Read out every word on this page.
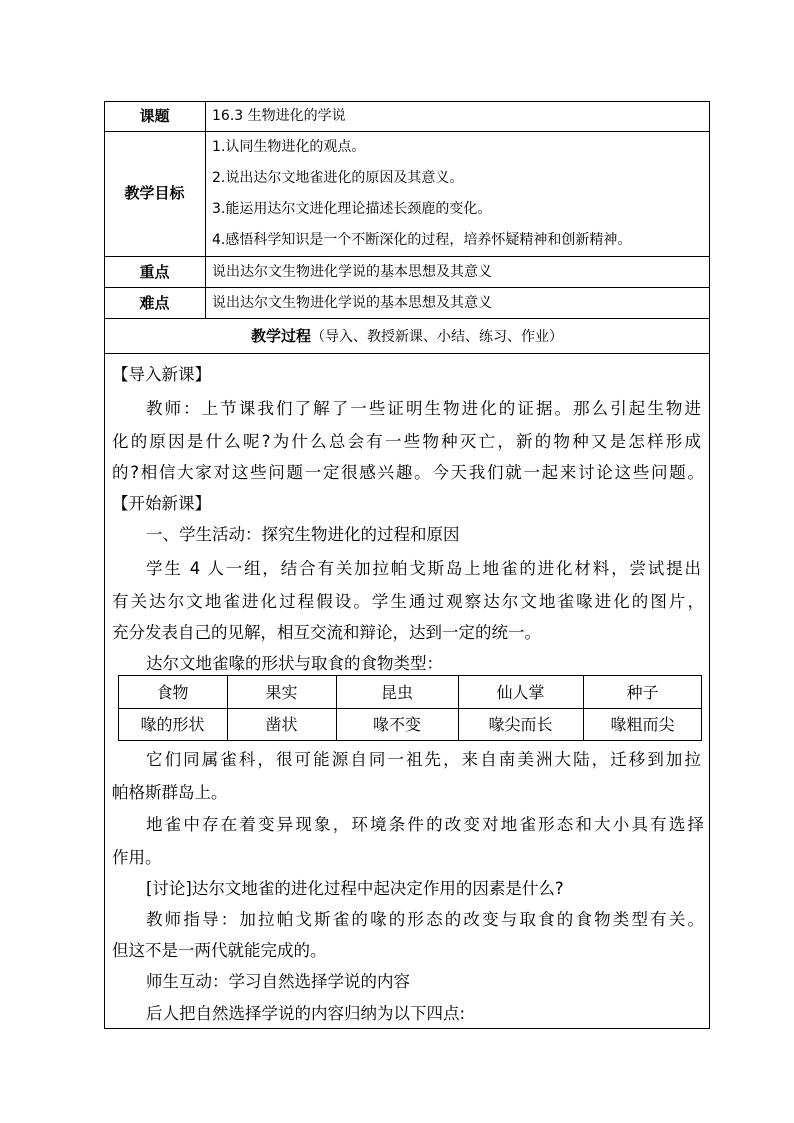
课题	16.3 生物进化的学说
教学目标
1.认同生物进化的观点。
2.说出达尔文地雀进化的原因及其意义。
3.能运用达尔文进化理论描述长颈鹿的变化。
4.感悟科学知识是一个不断深化的过程，培养怀疑精神和创新精神。
重点	说出达尔文生物进化学说的基本思想及其意义
难点	说出达尔文生物进化学说的基本思想及其意义
教学过程（导入、教授新课、小结、练习、作业）
【导入新课】
教师：上节课我们了解了一些证明生物进化的证据。那么引起生物进
化的原因是什么呢?为什么总会有一些物种灭亡，新的物种又是怎样形成
的?相信大家对这些问题一定很感兴趣。今天我们就一起来讨论这些问题。
【开始新课】
一、学生活动：探究生物进化的过程和原因
学生 4 人一组，结合有关加拉帕戈斯岛上地雀的进化材料，尝试提出
有关达尔文地雀进化过程假设。学生通过观察达尔文地雀喙进化的图片，
充分发表自己的见解，相互交流和辩论，达到一定的统一。
达尔文地雀喙的形状与取食的食物类型：
食物	果实	昆虫	仙人掌	种子
喙的形状	凿状	喙不变	喙尖而长	喙粗而尖
它们同属雀科，很可能源自同一祖先，来自南美洲大陆，迁移到加拉
帕格斯群岛上。
地雀中存在着变异现象，环境条件的改变对地雀形态和大小具有选择
作用。
[讨论]达尔文地雀的进化过程中起决定作用的因素是什么?
教师指导：加拉帕戈斯雀的喙的形态的改变与取食的食物类型有关。
但这不是一两代就能完成的。
师生互动：学习自然选择学说的内容
后人把自然选择学说的内容归纳为以下四点:
